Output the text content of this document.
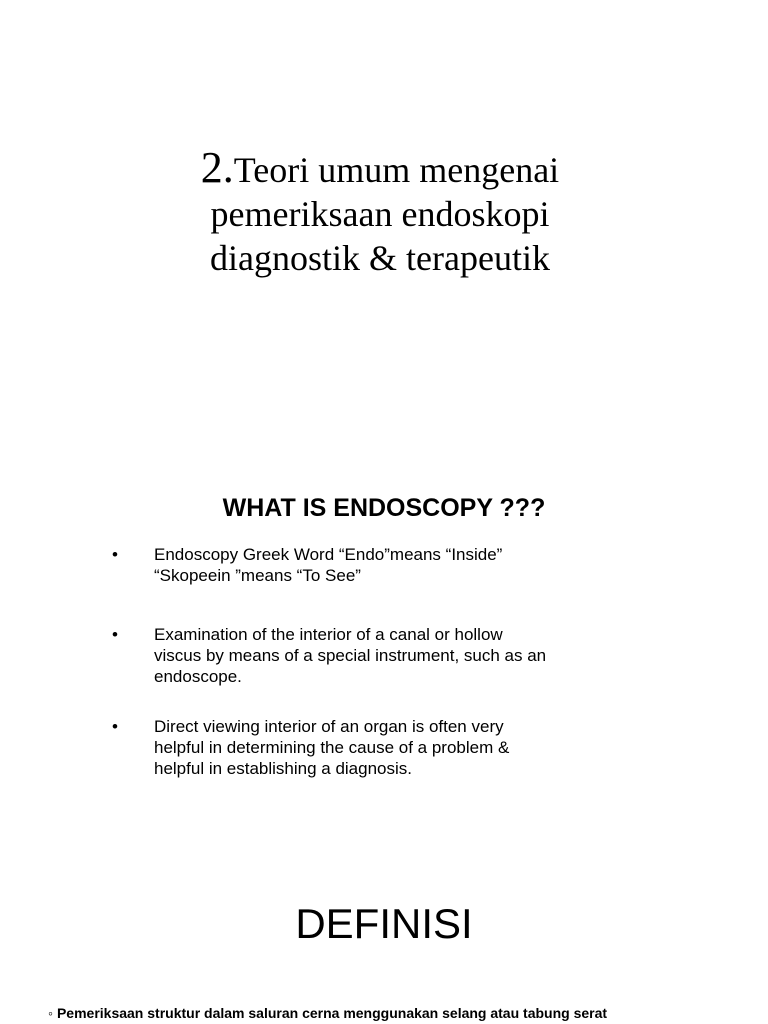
2.Teori umum mengenai
pemeriksaan endoskopi
diagnostik & terapeutik
WHAT IS ENDOSCOPY ???
• Endoscopy Greek Word “Endo”means “Inside”
“Skopeein ”means “To See”
• Examination of the interior of a canal or hollow
viscus by means of a special instrument, such as an
endoscope.
• Direct viewing interior of an organ is often very
helpful in determining the cause of a problem &
helpful in establishing a diagnosis.
DEFINISI
◦ Pemeriksaan struktur dalam saluran cerna menggunakan selang atau tabung serat
